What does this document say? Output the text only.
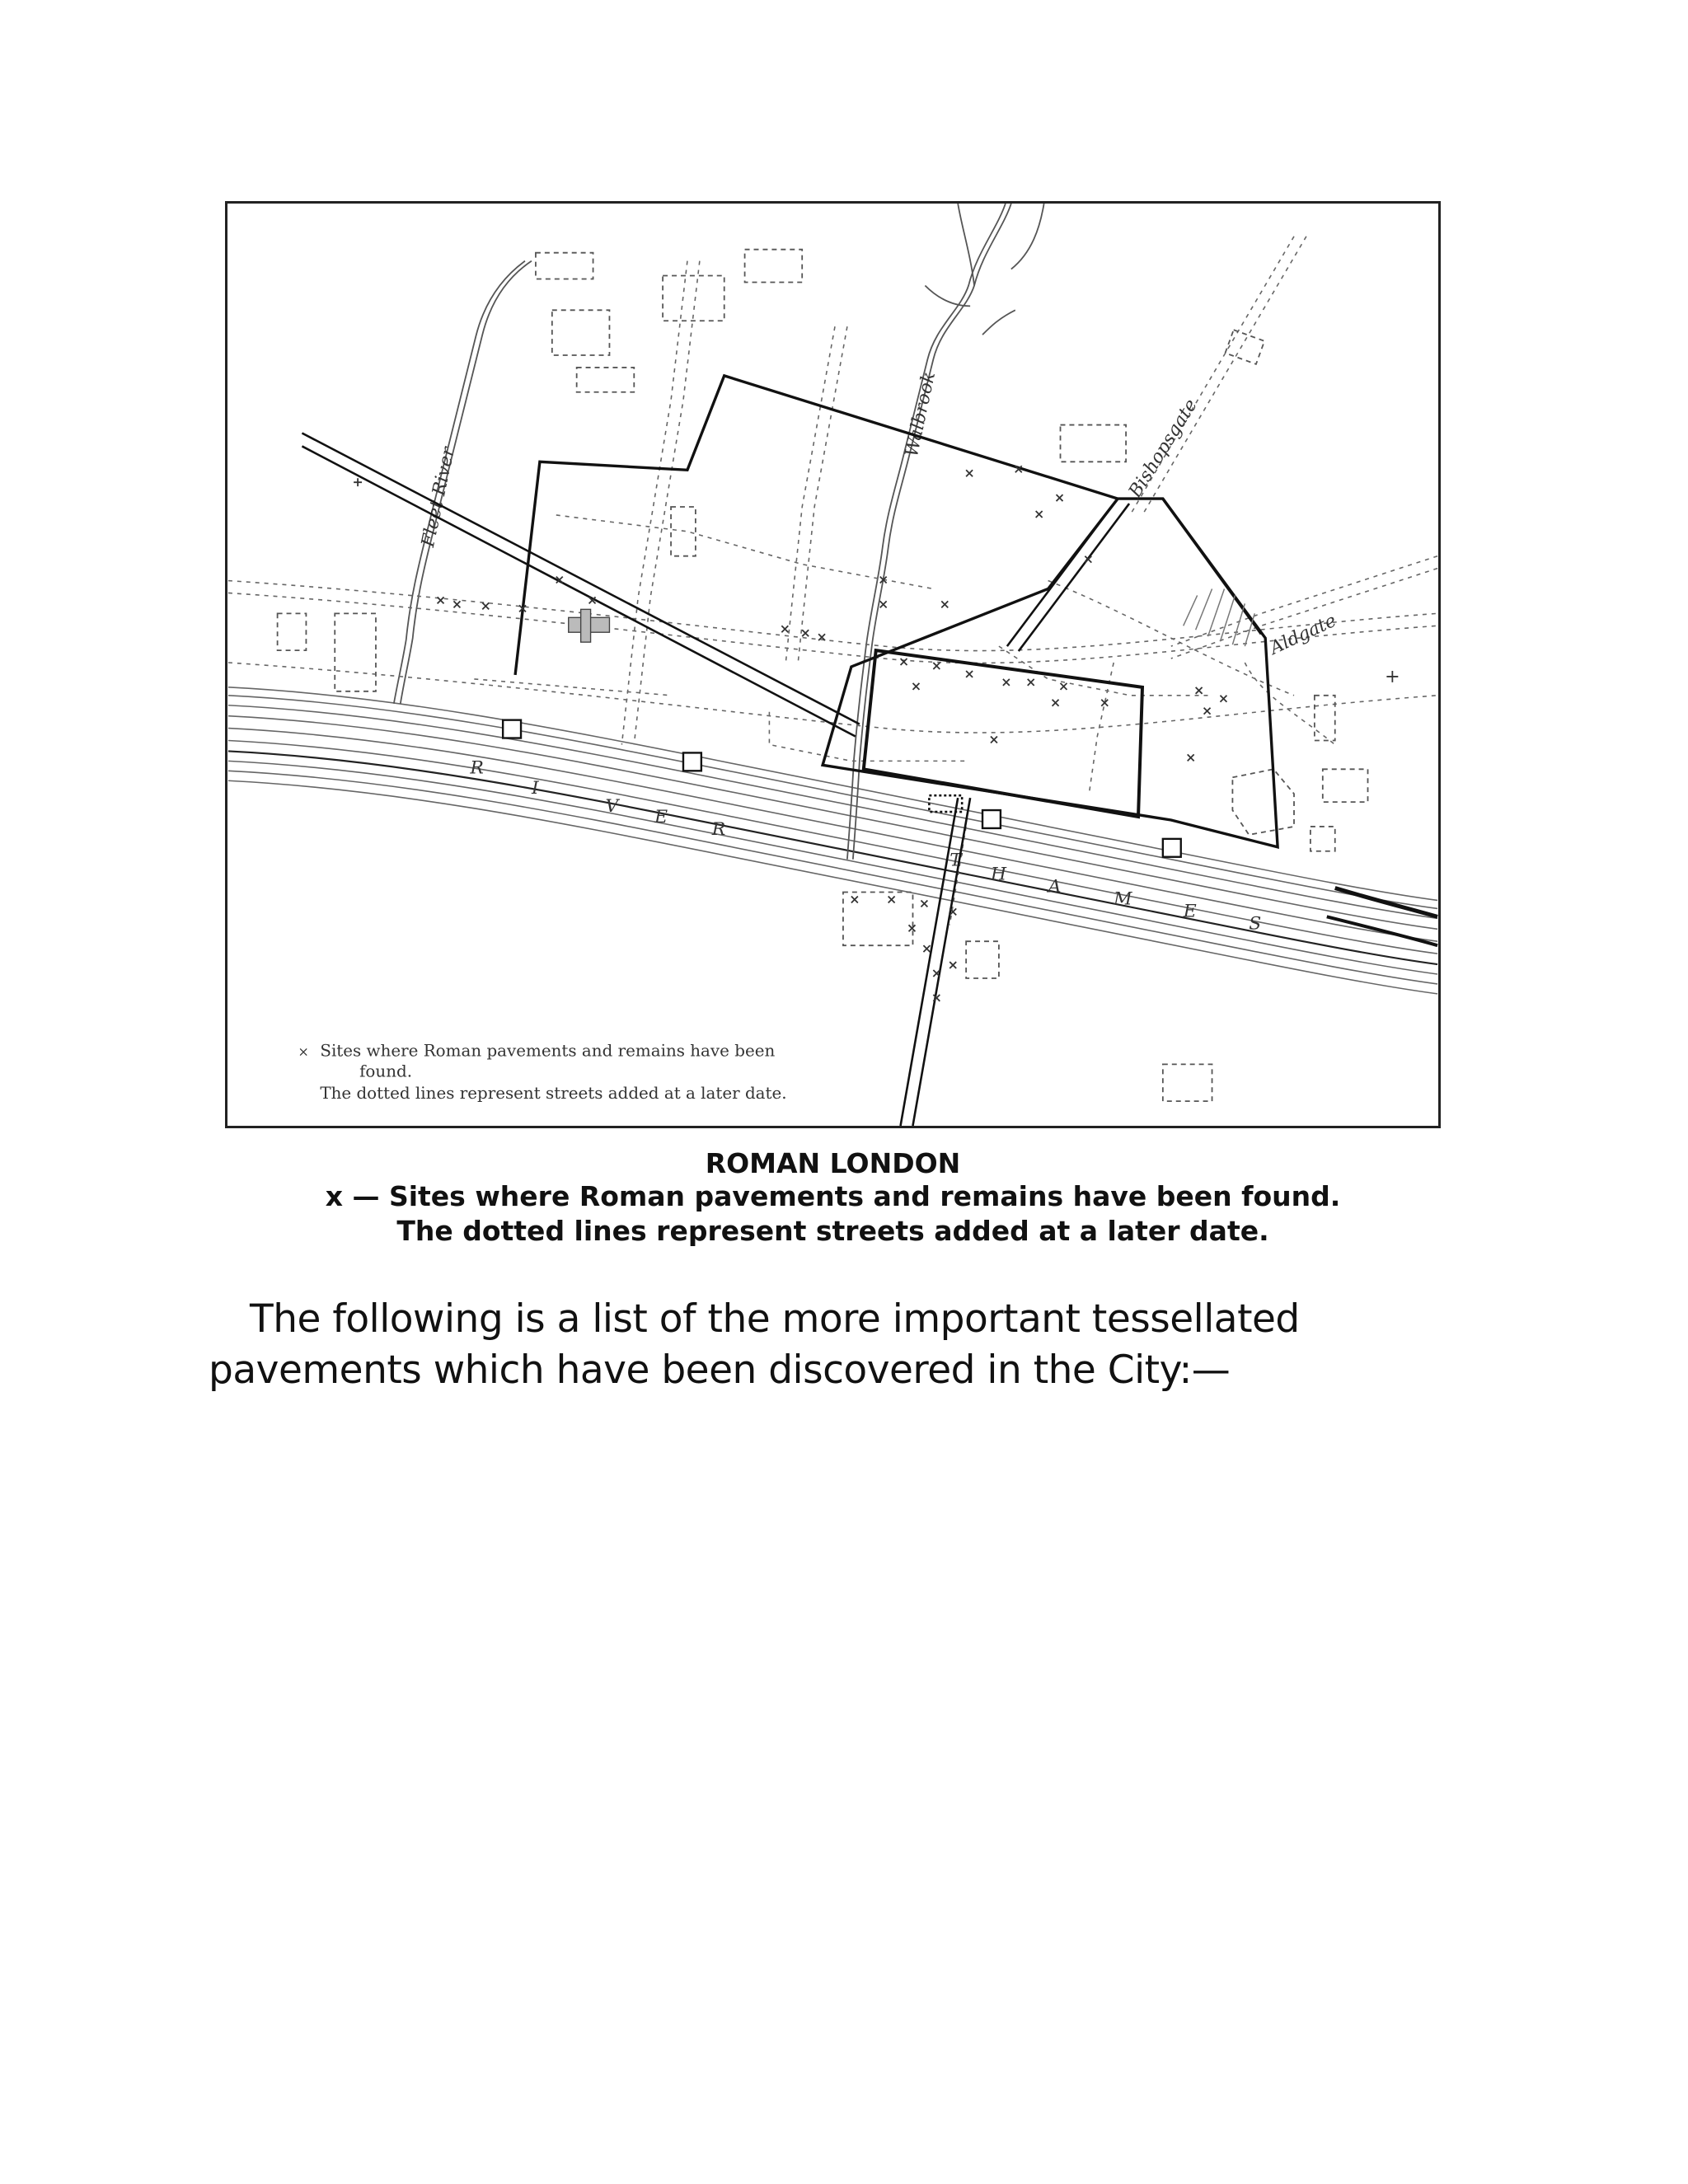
R
I
V
E
R
T
H
A
M
E
S
Walbrook
Fleet River	Bishopsgate
Aldgate
× Sites where Roman pavements and remains have been
found.
The dotted lines represent streets added at a later date.
ROMAN LONDON
x — Sites where Roman pavements and remains have been found.
The dotted lines represent streets added at a later date.

The following is a list of the more important tessellated pavements which have been discovered in the City:—
